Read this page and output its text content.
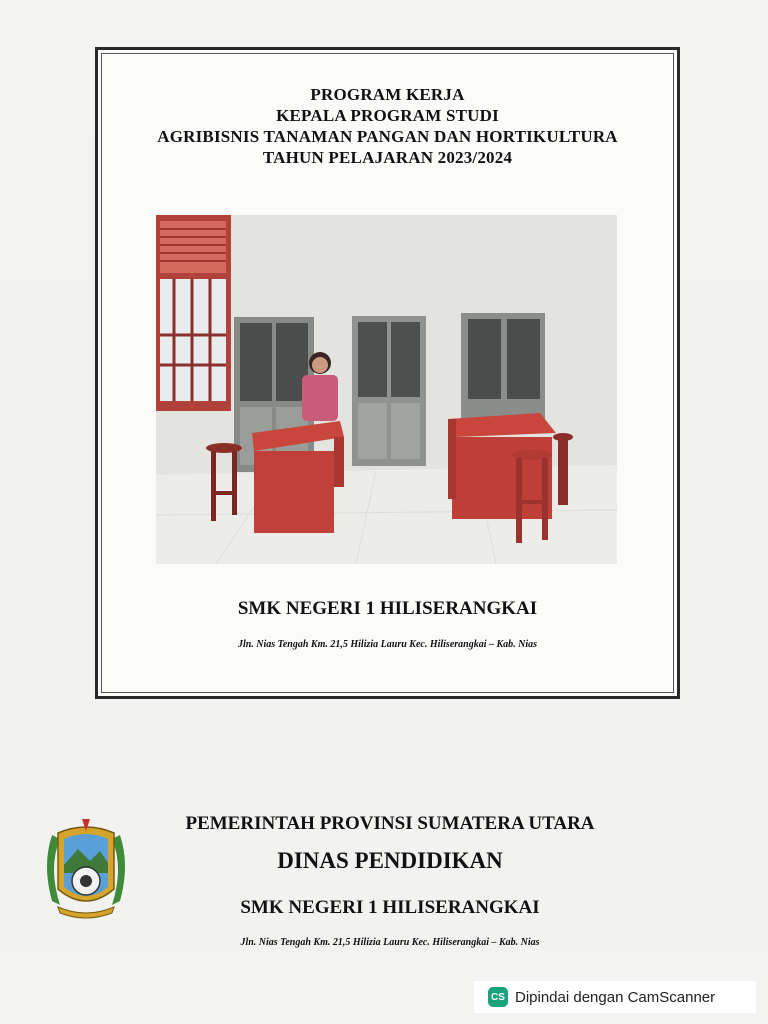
PROGRAM KERJA
KEPALA PROGRAM STUDI
AGRIBISNIS TANAMAN PANGAN DAN HORTIKULTURA
TAHUN PELAJARAN 2023/2024
SMK NEGERI 1 HILISERANGKAI
Jln. Nias Tengah Km. 21,5 Hilizia Lauru Kec. Hiliserangkai – Kab. Nias
PEMERINTAH PROVINSI SUMATERA UTARA
DINAS PENDIDIKAN
SMK NEGERI 1 HILISERANGKAI
Jln. Nias Tengah Km. 21,5 Hilizia Lauru Kec. Hiliserangkai – Kab. Nias
CS Dipindai dengan CamScanner
